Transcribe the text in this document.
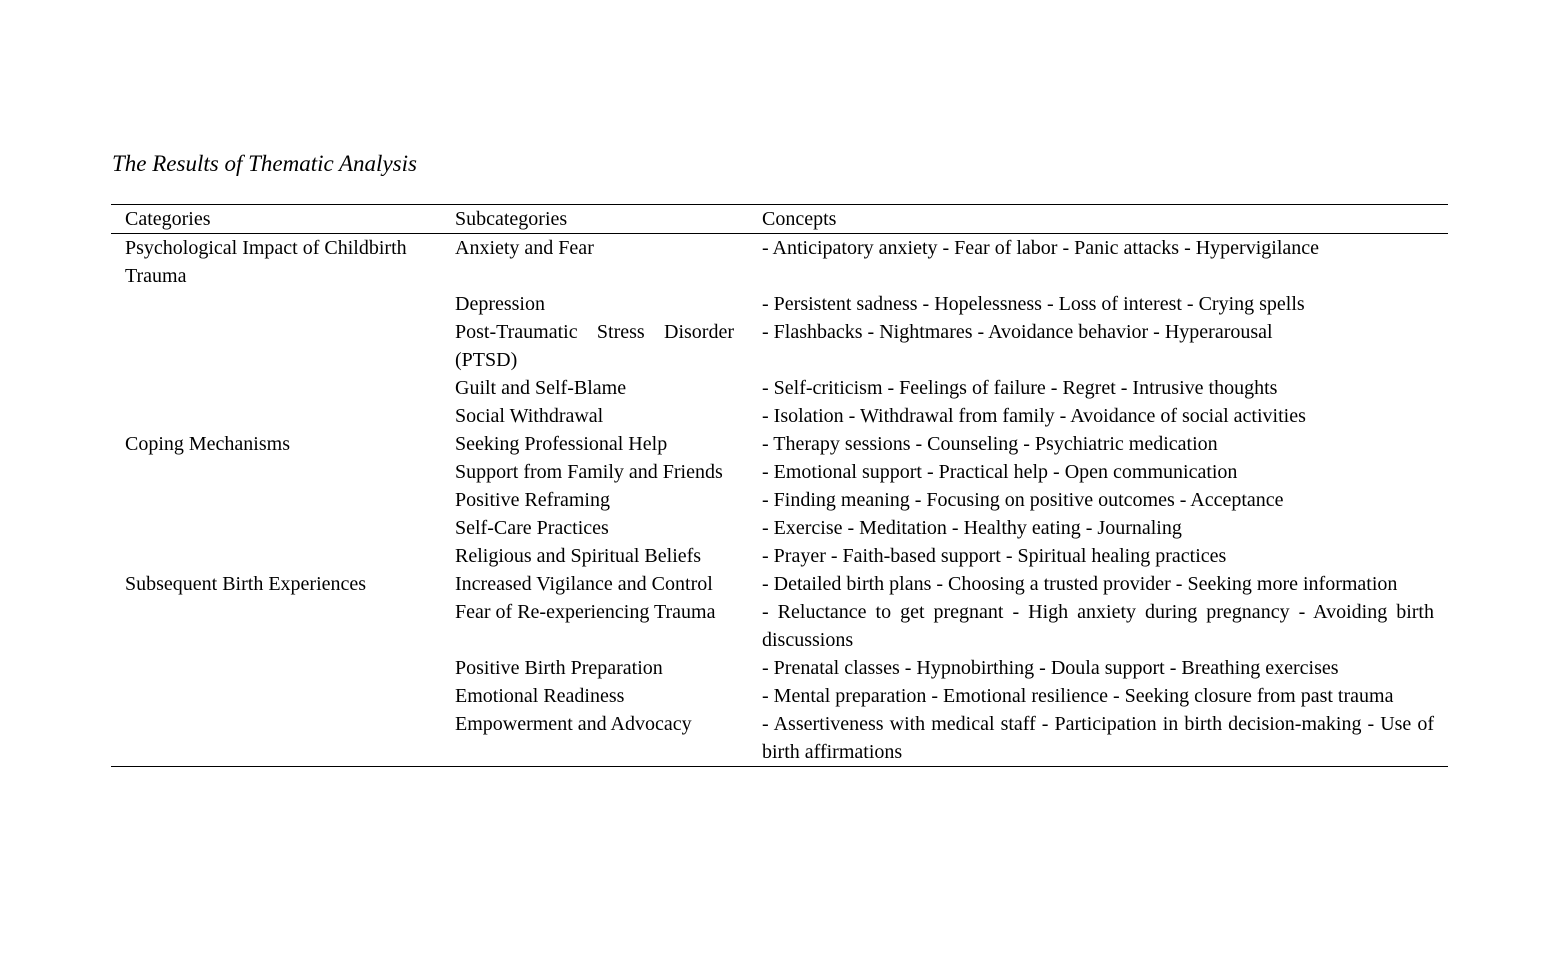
The Results of Thematic Analysis
Categories	Subcategories	Concepts
Psychological Impact of Childbirth Trauma	Anxiety and Fear	- Anticipatory anxiety - Fear of labor - Panic attacks - Hypervigilance
	Depression	- Persistent sadness - Hopelessness - Loss of interest - Crying spells
	Post-Traumatic Stress Disorder (PTSD)	- Flashbacks - Nightmares - Avoidance behavior - Hyperarousal
	Guilt and Self-Blame	- Self-criticism - Feelings of failure - Regret - Intrusive thoughts
	Social Withdrawal	- Isolation - Withdrawal from family - Avoidance of social activities
Coping Mechanisms	Seeking Professional Help	- Therapy sessions - Counseling - Psychiatric medication
	Support from Family and Friends	- Emotional support - Practical help - Open communication
	Positive Reframing	- Finding meaning - Focusing on positive outcomes - Acceptance
	Self-Care Practices	- Exercise - Meditation - Healthy eating - Journaling
	Religious and Spiritual Beliefs	- Prayer - Faith-based support - Spiritual healing practices
Subsequent Birth Experiences	Increased Vigilance and Control	- Detailed birth plans - Choosing a trusted provider - Seeking more information
	Fear of Re-experiencing Trauma	- Reluctance to get pregnant - High anxiety during pregnancy - Avoiding birth discussions
	Positive Birth Preparation	- Prenatal classes - Hypnobirthing - Doula support - Breathing exercises
	Emotional Readiness	- Mental preparation - Emotional resilience - Seeking closure from past trauma
	Empowerment and Advocacy	- Assertiveness with medical staff - Participation in birth decision-making - Use of birth affirmations
